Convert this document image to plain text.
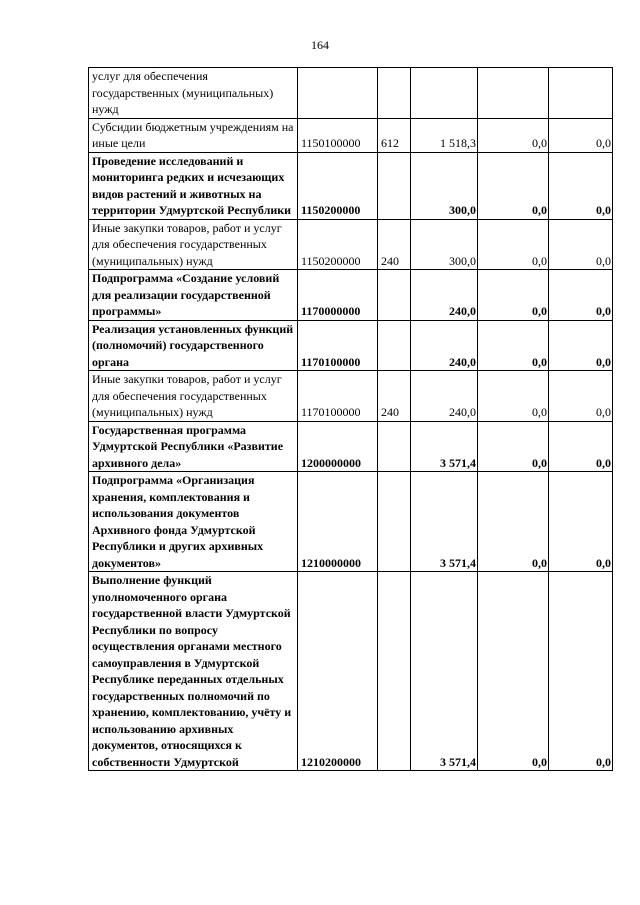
164
услуг для обеспечения государственных (муниципальных) нужд					
Субсидии бюджетным учреждениям на иные цели	1150100000	612	1 518,3	0,0	0,0
Проведение исследований и мониторинга редких и исчезающих видов растений и животных на территории Удмуртской Республики	1150200000		300,0	0,0	0,0
Иные закупки товаров, работ и услуг для обеспечения государственных (муниципальных) нужд	1150200000	240	300,0	0,0	0,0
Подпрограмма «Создание условий для реализации государственной программы»	1170000000		240,0	0,0	0,0
Реализация установленных функций (полномочий) государственного органа	1170100000		240,0	0,0	0,0
Иные закупки товаров, работ и услуг для обеспечения государственных (муниципальных) нужд	1170100000	240	240,0	0,0	0,0
Государственная программа Удмуртской Республики «Развитие архивного дела»	1200000000		3 571,4	0,0	0,0
Подпрограмма «Организация хранения, комплектования и использования документов Архивного фонда Удмуртской Республики и других архивных документов»	1210000000		3 571,4	0,0	0,0
Выполнение функций уполномоченного органа государственной власти Удмуртской Республики по вопросу осуществления органами местного самоуправления в Удмуртской Республике переданных отдельных государственных полномочий по хранению, комплектованию, учёту и использованию архивных документов, относящихся к собственности Удмуртской	1210200000		3 571,4	0,0	0,0
